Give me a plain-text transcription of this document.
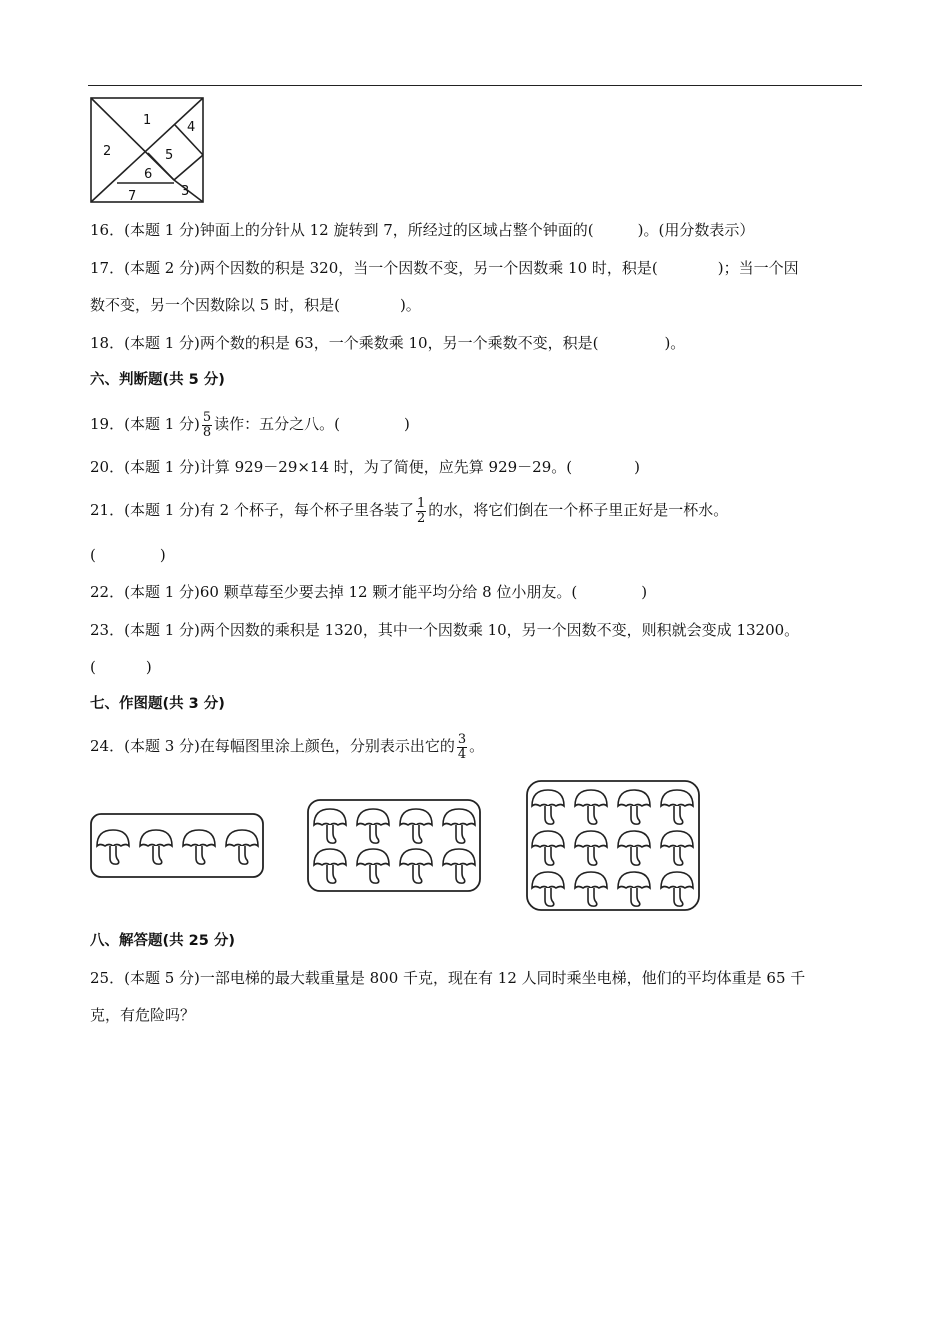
1
2
4
5
6
7	3
16．(本题 1 分)钟面上的分针从 12 旋转到 7，所经过的区域占整个钟面的(	)。(用分数表示）
17．(本题 2 分)两个因数的积是 320，当一个因数不变，另一个因数乘 10 时，积是(	)；当一个因
数不变，另一个因数除以 5 时，积是(	)。
18．(本题 1 分)两个数的积是 63，一个乘数乘 10，另一个乘数不变，积是(	)。
六、判断题(共 5 分)
19．(本题 1 分) $\frac{5}{8}$ 读作：五分之八。(	)
20．(本题 1 分)计算 929－29×14 时，为了简便，应先算 929－29。(	)
21．(本题 1 分)有 2 个杯子，每个杯子里各装了 $\frac{1}{2}$ 的水，将它们倒在一个杯子里正好是一杯水。
(	)
22．(本题 1 分)60 颗草莓至少要去掉 12 颗才能平均分给 8 位小朋友。(	)
23．(本题 1 分)两个因数的乘积是 1320，其中一个因数乘 10，另一个因数不变，则积就会变成 13200。
(	)
七、作图题(共 3 分)
24．(本题 3 分)在每幅图里涂上颜色，分别表示出它的 $\frac{3}{4}$ 。
八、解答题(共 25 分)
25．(本题 5 分)一部电梯的最大载重量是 800 千克，现在有 12 人同时乘坐电梯，他们的平均体重是 65 千
克，有危险吗？
